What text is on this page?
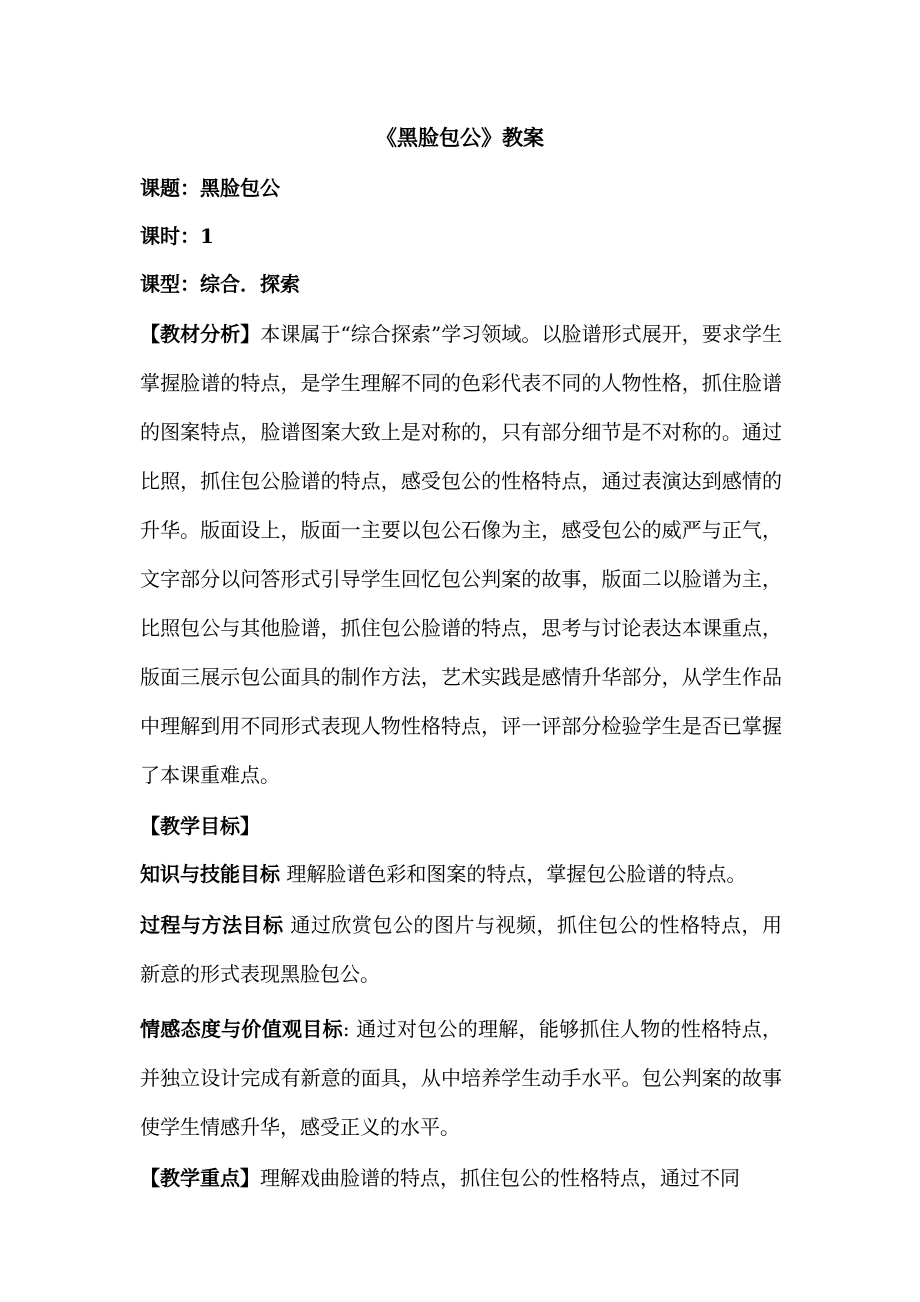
《黑脸包公》教案

课题：黑脸包公

课时：1

课型：综合．探索

【教材分析】本课属于“综合探索”学习领域。以脸谱形式展开，要求学生掌握脸谱的特点，是学生理解不同的色彩代表不同的人物性格，抓住脸谱的图案特点，脸谱图案大致上是对称的，只有部分细节是不对称的。通过比照，抓住包公脸谱的特点，感受包公的性格特点，通过表演达到感情的升华。版面设上，版面一主要以包公石像为主，感受包公的威严与正气，文字部分以问答形式引导学生回忆包公判案的故事，版面二以脸谱为主，比照包公与其他脸谱，抓住包公脸谱的特点，思考与讨论表达本课重点，版面三展示包公面具的制作方法，艺术实践是感情升华部分，从学生作品中理解到用不同形式表现人物性格特点，评一评部分检验学生是否已掌握了本课重难点。

【教学目标】

知识与技能目标 理解脸谱色彩和图案的特点，掌握包公脸谱的特点。

过程与方法目标 通过欣赏包公的图片与视频，抓住包公的性格特点，用新意的形式表现黑脸包公。

情感态度与价值观目标: 通过对包公的理解，能够抓住人物的性格特点，并独立设计完成有新意的面具，从中培养学生动手水平。包公判案的故事使学生情感升华，感受正义的水平。

【教学重点】理解戏曲脸谱的特点，抓住包公的性格特点，通过不同
